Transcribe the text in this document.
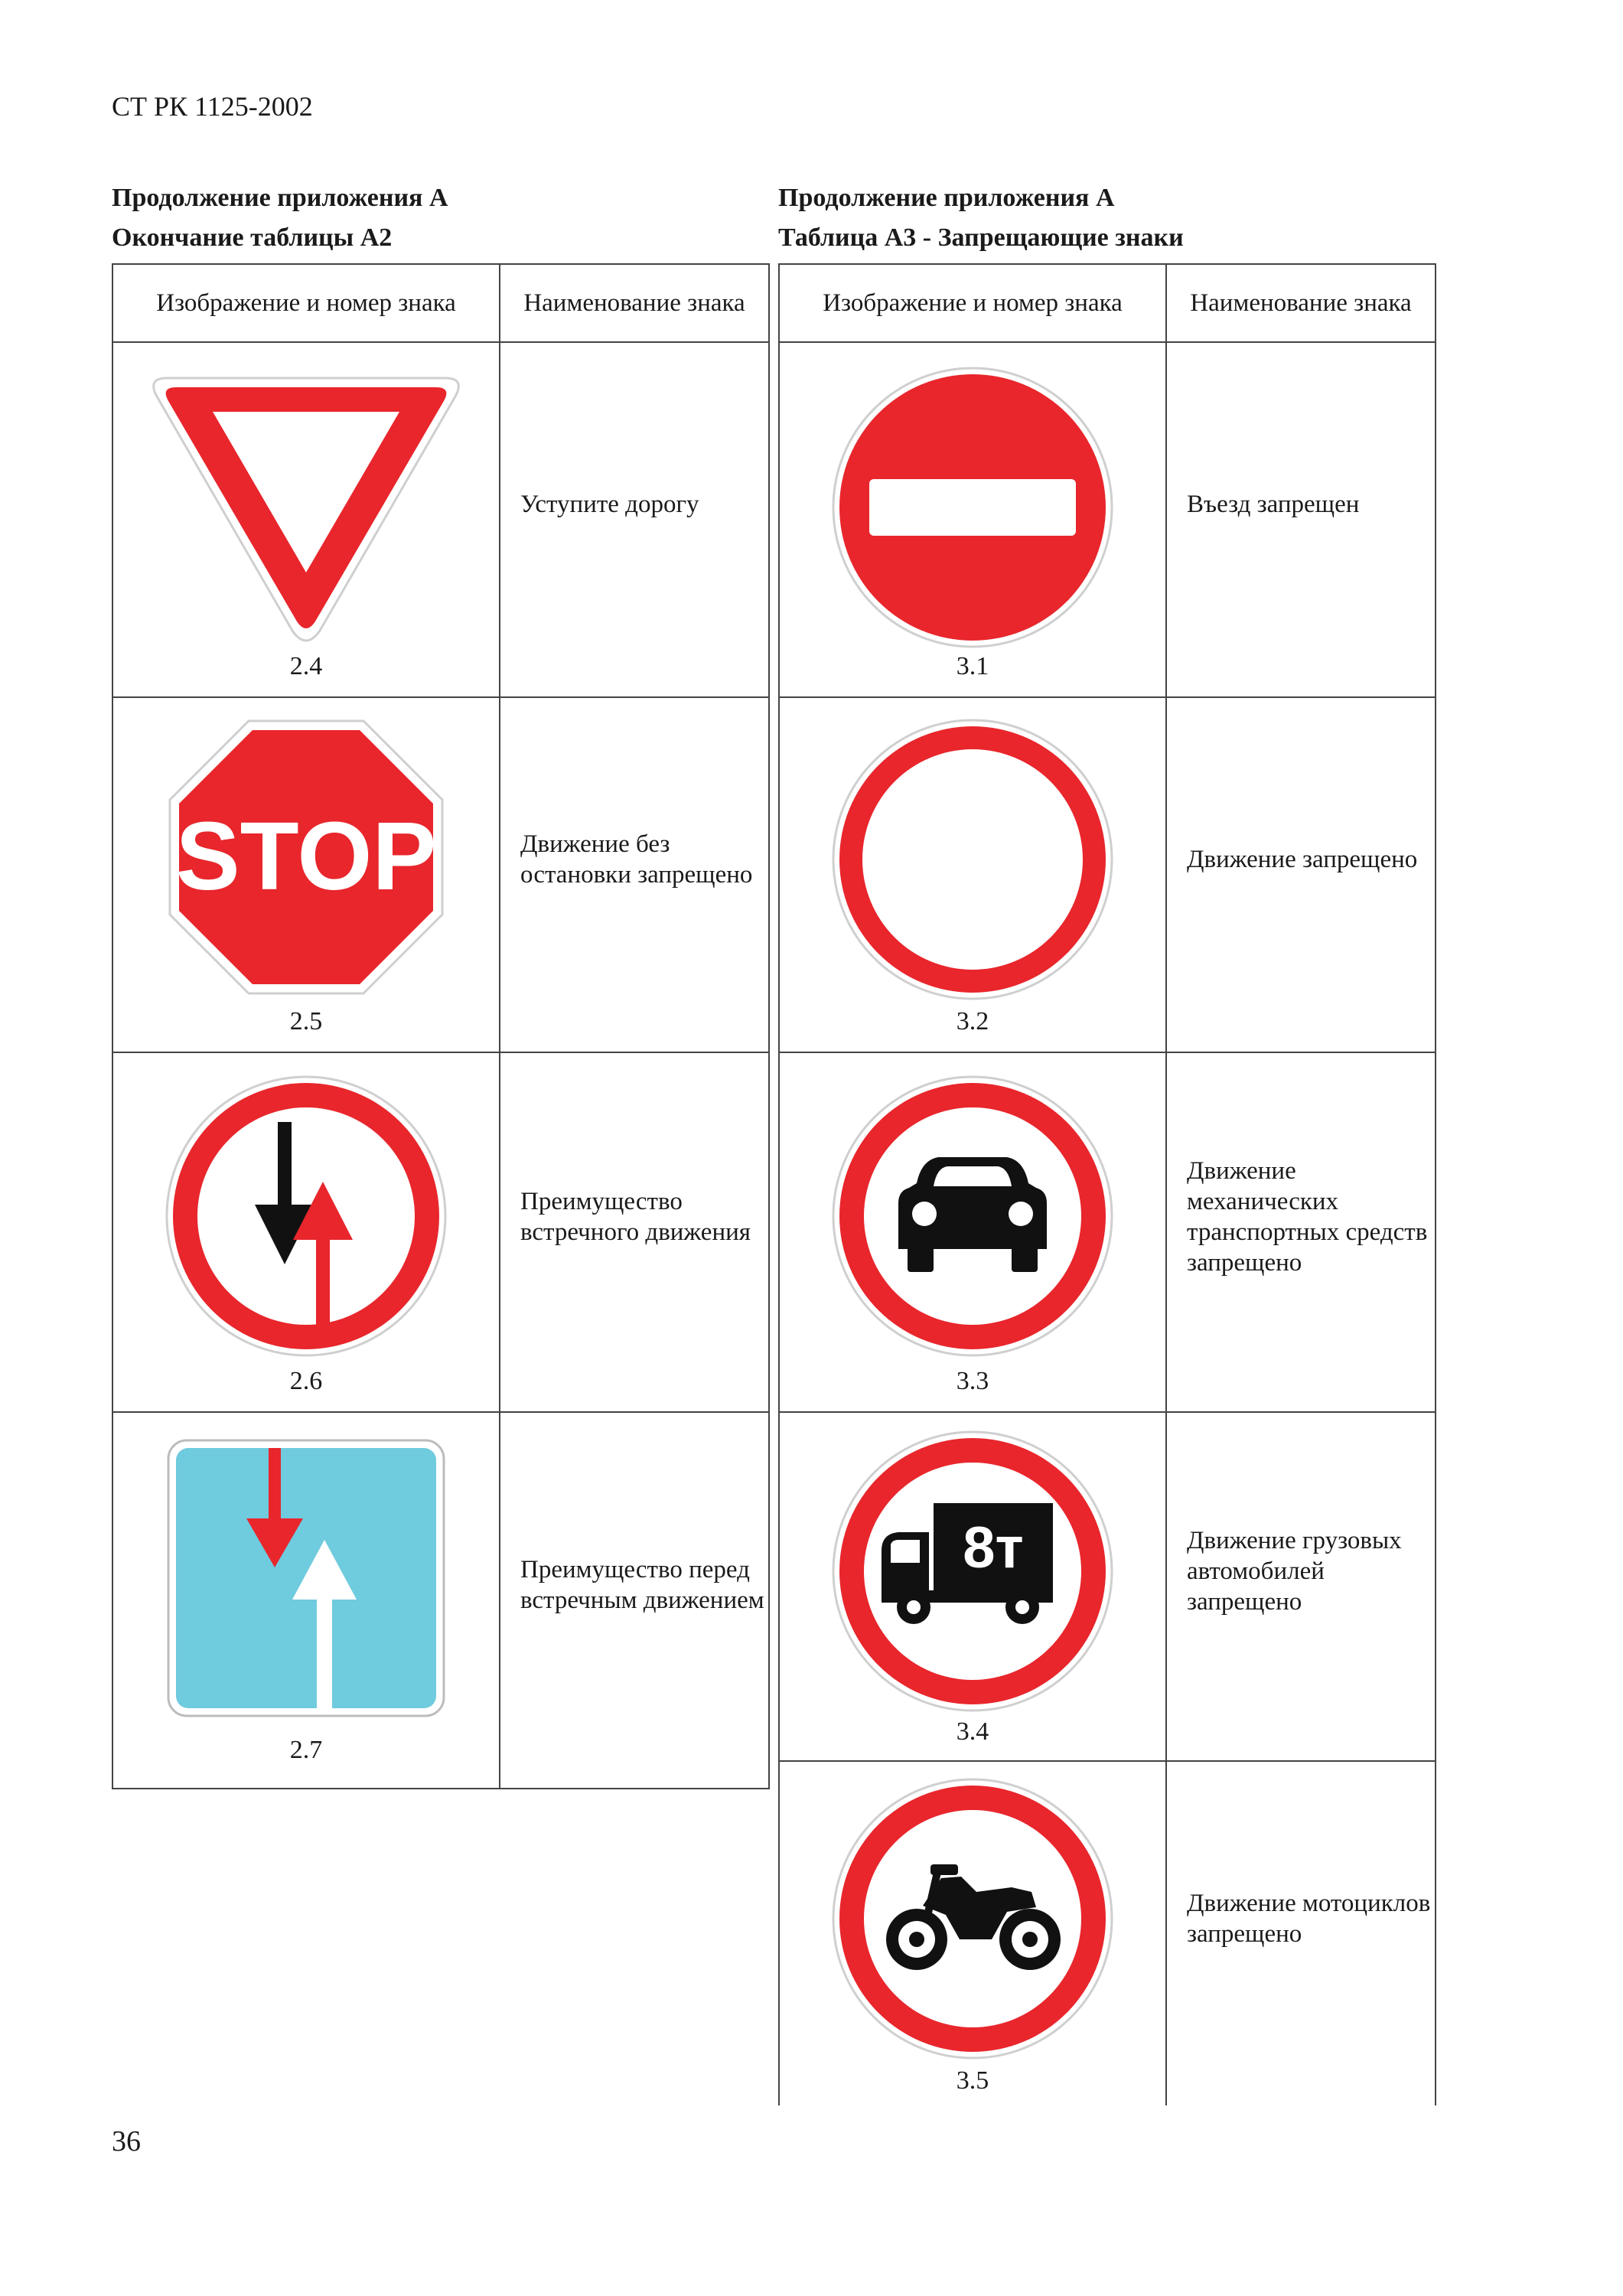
СТ РК 1125-2002
Продолжение приложения А
Окончание таблицы А2
Продолжение приложения А
Таблица А3 - Запрещающие знаки
Изображение и номер знака	Наименование знака

2.4	Уступите дорогу

STOP
2.5	Движение без остановки запрещено

2.6	Преимущество встречного движения

2.7	Преимущество перед встречным движением
Изображение и номер знака	Наименование знака

3.1	Въезд запрещен

3.2	Движение запрещено

3.3	Движение механических транспортных средств запрещено

8т
3.4	Движение грузовых автомобилей запрещено

3.5	Движение мотоциклов запрещено
36
